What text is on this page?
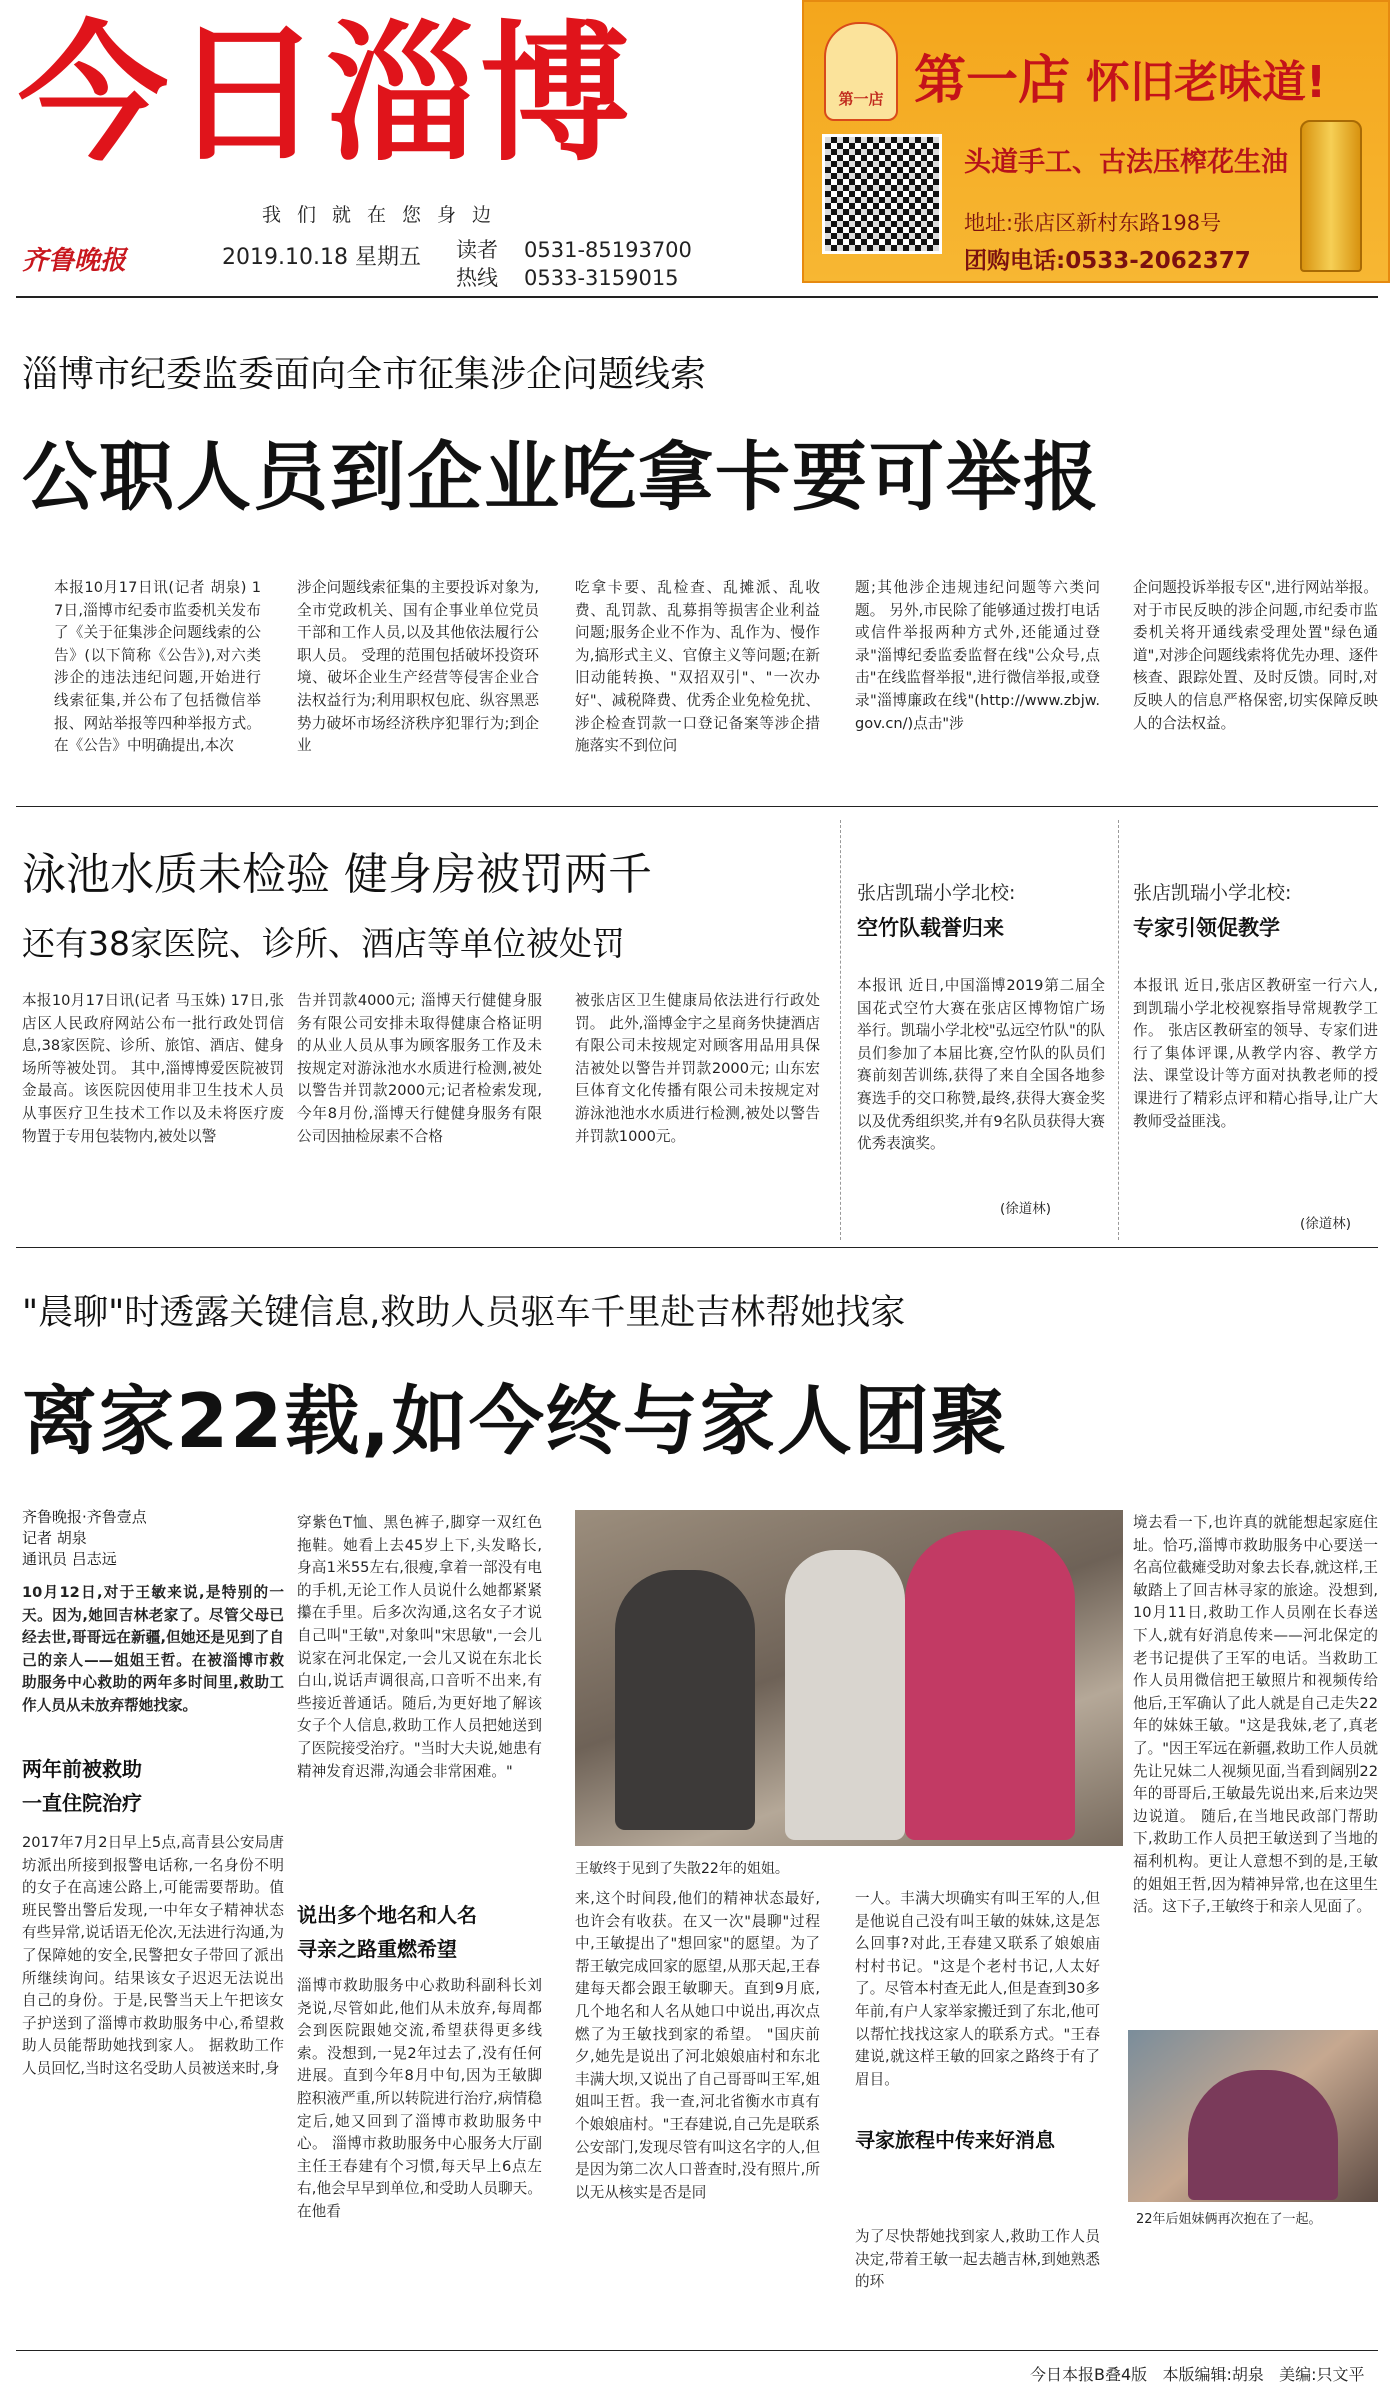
今日淄博
我们就在您身边
齐鲁晚报	2019.10.18 星期五 读者 0531-85193700
热线 0533-3159015
第一店 第一店 怀旧老味道!
头道手工、古法压榨花生油
地址:张店区新村东路198号
团购电话:0533-2062377
淄博市纪委监委面向全市征集涉企问题线索
公职人员到企业吃拿卡要可举报
本报10月17日讯(记者 胡泉) 17日,淄博市纪委市监委机关发布了《关于征集涉企问题线索的公告》(以下简称《公告》),对六类涉企的违法违纪问题,开始进行线索征集,并公布了包括微信举报、网站举报等四种举报方式。 在《公告》中明确提出,本次
涉企问题线索征集的主要投诉对象为,全市党政机关、国有企事业单位党员干部和工作人员,以及其他依法履行公职人员。 受理的范围包括破坏投资环境、破坏企业生产经营等侵害企业合法权益行为;利用职权包庇、纵容黑恶势力破坏市场经济秩序犯罪行为;到企业
吃拿卡要、乱检查、乱摊派、乱收费、乱罚款、乱募捐等损害企业利益问题;服务企业不作为、乱作为、慢作为,搞形式主义、官僚主义等问题;在新旧动能转换、"双招双引"、"一次办好"、减税降费、优秀企业免检免扰、涉企检查罚款一口登记备案等涉企措施落实不到位问
题;其他涉企违规违纪问题等六类问题。 另外,市民除了能够通过拨打电话或信件举报两种方式外,还能通过登录"淄博纪委监委监督在线"公众号,点击"在线监督举报",进行微信举报,或登录"淄博廉政在线"(http://www.zbjw.gov.cn/)点击"涉
企问题投诉举报专区",进行网站举报。 对于市民反映的涉企问题,市纪委市监委机关将开通线索受理处置"绿色通道",对涉企问题线索将优先办理、逐件核查、跟踪处置、及时反馈。同时,对反映人的信息严格保密,切实保障反映人的合法权益。
泳池水质未检验 健身房被罚两千
还有38家医院、诊所、酒店等单位被处罚
本报10月17日讯(记者 马玉姝) 17日,张店区人民政府网站公布一批行政处罚信息,38家医院、诊所、旅馆、酒店、健身场所等被处罚。 其中,淄博博爱医院被罚金最高。该医院因使用非卫生技术人员从事医疗卫生技术工作以及未将医疗废物置于专用包装物内,被处以警
告并罚款4000元; 淄博天行健健身服务有限公司安排未取得健康合格证明的从业人员从事为顾客服务工作及未按规定对游泳池水水质进行检测,被处以警告并罚款2000元;记者检索发现,今年8月份,淄博天行健健身服务有限公司因抽检尿素不合格
被张店区卫生健康局依法进行行政处罚。 此外,淄博金宇之星商务快捷酒店有限公司未按规定对顾客用品用具保洁被处以警告并罚款2000元; 山东宏巨体育文化传播有限公司未按规定对游泳池池水水质进行检测,被处以警告并罚款1000元。
张店凯瑞小学北校:
空竹队载誉归来
本报讯 近日,中国淄博2019第二届全国花式空竹大赛在张店区博物馆广场举行。凯瑞小学北校"弘远空竹队"的队员们参加了本届比赛,空竹队的队员们赛前刻苦训练,获得了来自全国各地参赛选手的交口称赞,最终,获得大赛金奖以及优秀组织奖,并有9名队员获得大赛优秀表演奖。
(徐道林)
张店凯瑞小学北校:
专家引领促教学
本报讯 近日,张店区教研室一行六人,到凯瑞小学北校视察指导常规教学工作。 张店区教研室的领导、专家们进行了集体评课,从教学内容、教学方法、课堂设计等方面对执教老师的授课进行了精彩点评和精心指导,让广大教师受益匪浅。
(徐道林)
"晨聊"时透露关键信息,救助人员驱车千里赴吉林帮她找家
离家22载,如今终与家人团聚
齐鲁晚报·齐鲁壹点
记者 胡泉
通讯员 吕志远
10月12日,对于王敏来说,是特别的一天。因为,她回吉林老家了。尽管父母已经去世,哥哥远在新疆,但她还是见到了自己的亲人——姐姐王哲。在被淄博市救助服务中心救助的两年多时间里,救助工作人员从未放弃帮她找家。
两年前被救助
一直住院治疗
2017年7月2日早上5点,高青县公安局唐坊派出所接到报警电话称,一名身份不明的女子在高速公路上,可能需要帮助。值班民警出警后发现,一中年女子精神状态有些异常,说话语无伦次,无法进行沟通,为了保障她的安全,民警把女子带回了派出所继续询问。结果该女子迟迟无法说出自己的身份。于是,民警当天上午把该女子护送到了淄博市救助服务中心,希望救助人员能帮助她找到家人。 据救助工作人员回忆,当时这名受助人员被送来时,身
穿紫色T恤、黑色裤子,脚穿一双红色拖鞋。她看上去45岁上下,头发略长,身高1米55左右,很瘦,拿着一部没有电的手机,无论工作人员说什么她都紧紧攥在手里。后多次沟通,这名女子才说自己叫"王敏",对象叫"宋思敏",一会儿说家在河北保定,一会儿又说在东北长白山,说话声调很高,口音听不出来,有些接近普通话。随后,为更好地了解该女子个人信息,救助工作人员把她送到了医院接受治疗。"当时大夫说,她患有精神发育迟滞,沟通会非常困难。"
说出多个地名和人名
寻亲之路重燃希望
淄博市救助服务中心救助科副科长刘尧说,尽管如此,他们从未放弃,每周都会到医院跟她交流,希望获得更多线索。没想到,一晃2年过去了,没有任何进展。直到今年8月中旬,因为王敏脚腔积液严重,所以转院进行治疗,病情稳定后,她又回到了淄博市救助服务中心。 淄博市救助服务中心服务大厅副主任王春建有个习惯,每天早上6点左右,他会早早到单位,和受助人员聊天。在他看
王敏终于见到了失散22年的姐姐。
来,这个时间段,他们的精神状态最好,也许会有收获。在又一次"晨聊"过程中,王敏提出了"想回家"的愿望。为了帮王敏完成回家的愿望,从那天起,王春建每天都会跟王敏聊天。直到9月底,几个地名和人名从她口中说出,再次点燃了为王敏找到家的希望。 "国庆前夕,她先是说出了河北娘娘庙村和东北丰满大坝,又说出了自己哥哥叫王军,姐姐叫王哲。我一查,河北省衡水市真有个娘娘庙村。"王春建说,自己先是联系公安部门,发现尽管有叫这名字的人,但是因为第二次人口普查时,没有照片,所以无从核实是否是同
一人。丰满大坝确实有叫王军的人,但是他说自己没有叫王敏的妹妹,这是怎么回事?对此,王春建又联系了娘娘庙村村书记。"这是个老村书记,人太好了。尽管本村查无此人,但是查到30多年前,有户人家举家搬迁到了东北,他可以帮忙找找这家人的联系方式。"王春建说,就这样王敏的回家之路终于有了眉目。
寻家旅程中传来好消息
为了尽快帮她找到家人,救助工作人员决定,带着王敏一起去趟吉林,到她熟悉的环
境去看一下,也许真的就能想起家庭住址。恰巧,淄博市救助服务中心要送一名高位截瘫受助对象去长春,就这样,王敏踏上了回吉林寻家的旅途。没想到,10月11日,救助工作人员刚在长春送下人,就有好消息传来——河北保定的老书记提供了王军的电话。当救助工作人员用微信把王敏照片和视频传给他后,王军确认了此人就是自己走失22年的妹妹王敏。"这是我妹,老了,真老了。"因王军远在新疆,救助工作人员就先让兄妹二人视频见面,当看到阔别22年的哥哥后,王敏最先说出来,后来边哭边说道。 随后,在当地民政部门帮助下,救助工作人员把王敏送到了当地的福利机构。更让人意想不到的是,王敏的姐姐王哲,因为精神异常,也在这里生活。这下子,王敏终于和亲人见面了。
22年后姐妹俩再次抱在了一起。
今日本报B叠4版 本版编辑:胡泉 美编:只文平
